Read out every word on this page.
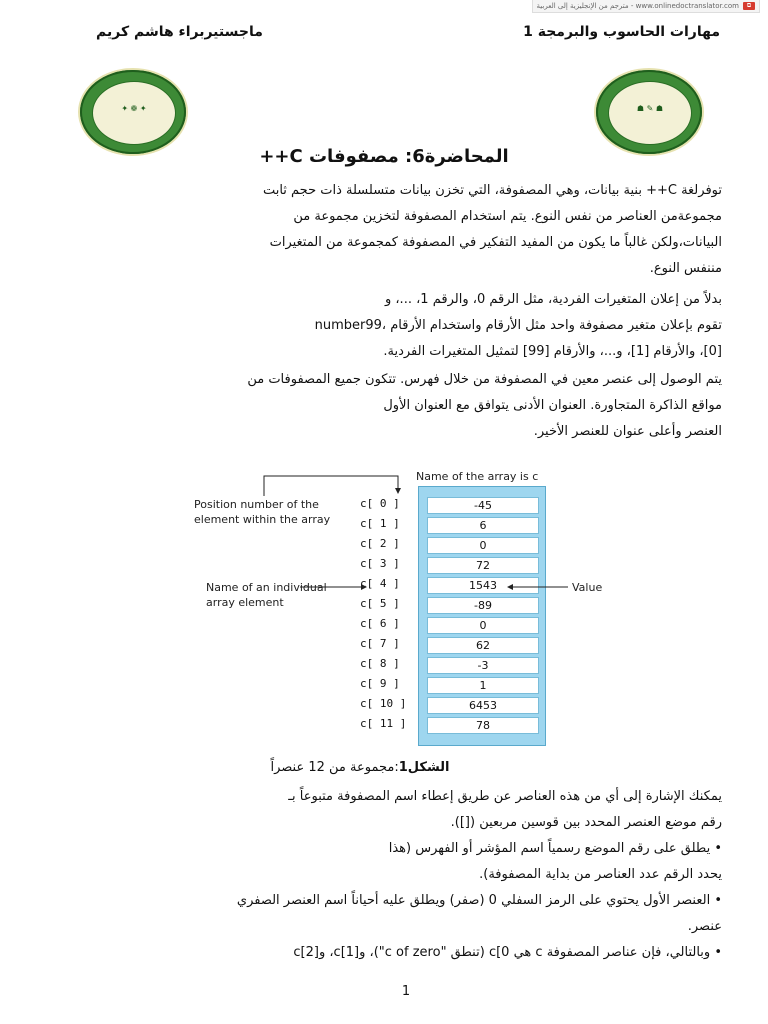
⧉
www.onlinedoctranslator.com - مترجم من الإنجليزية إلى العربية
مهارات الحاسوب والبرمجة 1
ماجستيربراء هاشم كريم
✦ ❁ ✦	☗ ✎ ☗
المحاضرة6: مصفوفات C++
توفرلغة C++ بنية بيانات، وهي المصفوفة، التي تخزن بيانات متسلسلة ذات حجم ثابت
مجموعةمن العناصر من نفس النوع. يتم استخدام المصفوفة لتخزين مجموعة من
البيانات،ولكن غالباً ما يكون من المفيد التفكير في المصفوفة كمجموعة من المتغيرات
مننفس النوع.
بدلاً من إعلان المتغيرات الفردية، مثل الرقم 0، والرقم 1، ...، و
تقوم بإعلان متغير مصفوفة واحد مثل الأرقام واستخدام الأرقام ،number99
[0]، والأرقام [1]، و...، والأرقام [99] لتمثيل المتغيرات الفردية.
يتم الوصول إلى عنصر معين في المصفوفة من خلال فهرس. تتكون جميع المصفوفات من
مواقع الذاكرة المتجاورة. العنوان الأدنى يتوافق مع العنوان الأول
العنصر وأعلى عنوان للعنصر الأخير.
Name of the array is c
-45
6
0
72
1543
-89
0
62
-3
1
6453
78
c[ 0 ]
c[ 1 ]
c[ 2 ]
c[ 3 ]
c[ 4 ]
c[ 5 ]
c[ 6 ]
c[ 7 ]
c[ 8 ]
c[ 9 ]
c[ 10 ]
c[ 11 ]
Position number of the
element within the array
Name of an individual
array element
Value
الشكل1:مجموعة من 12 عنصراً
يمكنك الإشارة إلى أي من هذه العناصر عن طريق إعطاء اسم المصفوفة متبوعاً بـ
رقم موضع العنصر المحدد بين قوسين مربعين ([]).
• يطلق على رقم الموضع رسمياً اسم المؤشر أو الفهرس (هذا
يحدد الرقم عدد العناصر من بداية المصفوفة).
• العنصر الأول يحتوي على الرمز السفلي 0 (صفر) ويطلق عليه أحياناً اسم العنصر الصفري
عنصر.
• وبالتالي، فإن عناصر المصفوفة c هي c[0 (تنطق "c of zero")، وc[1]، وc[2]
1
